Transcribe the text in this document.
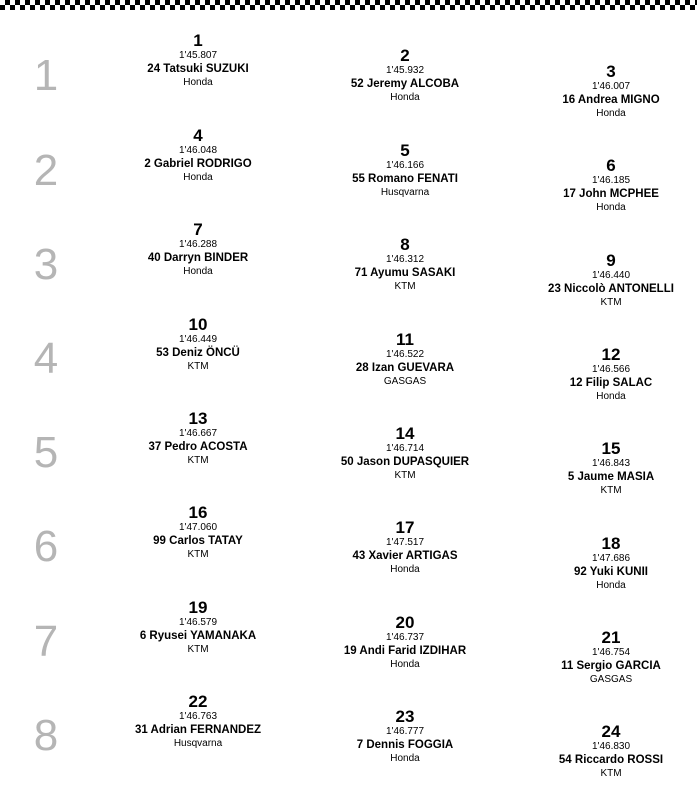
1
2
3
4
5
6
7
8
1
1'45.807
24 Tatsuki SUZUKI
Honda
2
1'45.932
52 Jeremy ALCOBA
Honda
3
1'46.007
16 Andrea MIGNO
Honda
4
1'46.048
2 Gabriel RODRIGO
Honda
5
1'46.166
55 Romano FENATI
Husqvarna
6
1'46.185
17 John MCPHEE
Honda
7
1'46.288
40 Darryn BINDER
Honda
8
1'46.312
71 Ayumu SASAKI
KTM
9
1'46.440
23 Niccolò ANTONELLI
KTM
10
1'46.449
53 Deniz ÖNCÜ
KTM
11
1'46.522
28 Izan GUEVARA
GASGAS
12
1'46.566
12 Filip SALAC
Honda
13
1'46.667
37 Pedro ACOSTA
KTM
14
1'46.714
50 Jason DUPASQUIER
KTM
15
1'46.843
5 Jaume MASIA
KTM
16
1'47.060
99 Carlos TATAY
KTM
17
1'47.517
43 Xavier ARTIGAS
Honda
18
1'47.686
92 Yuki KUNII
Honda
19
1'46.579
6 Ryusei YAMANAKA
KTM
20
1'46.737
19 Andi Farid IZDIHAR
Honda
21
1'46.754
11 Sergio GARCIA
GASGAS
22
1'46.763
31 Adrian FERNANDEZ
Husqvarna
23
1'46.777
7 Dennis FOGGIA
Honda
24
1'46.830
54 Riccardo ROSSI
KTM
